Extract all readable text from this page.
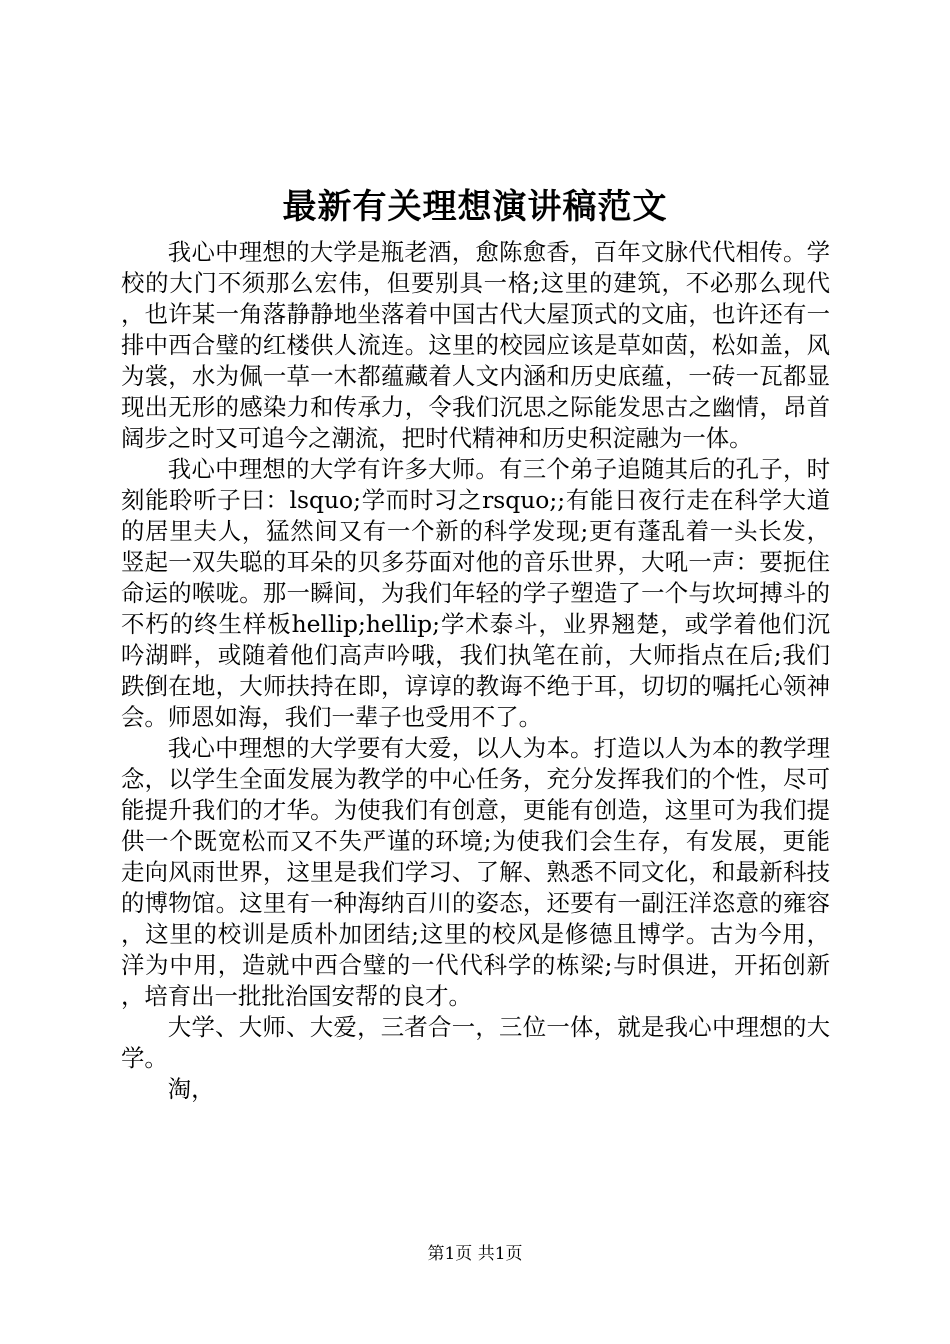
最新有关理想演讲稿范文

我心中理想的大学是瓶老酒，愈陈愈香，百年文脉代代相传。学校的大门不须那么宏伟，但要别具一格;这里的建筑，不必那么现代，也许某一角落静静地坐落着中国古代大屋顶式的文庙，也许还有一排中西合璧的红楼供人流连。这里的校园应该是草如茵，松如盖，风为裳，水为佩一草一木都蕴藏着人文内涵和历史底蕴，一砖一瓦都显现出无形的感染力和传承力，令我们沉思之际能发思古之幽情，昂首阔步之时又可追今之潮流，把时代精神和历史积淀融为一体。

我心中理想的大学有许多大师。有三个弟子追随其后的孔子，时刻能聆听子曰：lsquo;学而时习之rsquo;;有能日夜行走在科学大道的居里夫人，猛然间又有一个新的科学发现;更有蓬乱着一头长发，竖起一双失聪的耳朵的贝多芬面对他的音乐世界，大吼一声：要扼住命运的喉咙。那一瞬间，为我们年轻的学子塑造了一个与坎坷搏斗的不朽的终生样板hellip;hellip;学术泰斗，业界翘楚，或学着他们沉吟湖畔，或随着他们高声吟哦，我们执笔在前，大师指点在后;我们跌倒在地，大师扶持在即，谆谆的教诲不绝于耳，切切的嘱托心领神会。师恩如海，我们一辈子也受用不了。

我心中理想的大学要有大爱，以人为本。打造以人为本的教学理念，以学生全面发展为教学的中心任务，充分发挥我们的个性，尽可能提升我们的才华。为使我们有创意，更能有创造，这里可为我们提供一个既宽松而又不失严谨的环境;为使我们会生存，有发展，更能走向风雨世界，这里是我们学习、了解、熟悉不同文化，和最新科技的博物馆。这里有一种海纳百川的姿态，还要有一副汪洋恣意的雍容，这里的校训是质朴加团结;这里的校风是修德且博学。古为今用，洋为中用，造就中西合璧的一代代科学的栋梁;与时俱进，开拓创新，培育出一批批治国安帮的良才。

大学、大师、大爱，三者合一，三位一体，就是我心中理想的大学。

淘，

第1页 共1页
